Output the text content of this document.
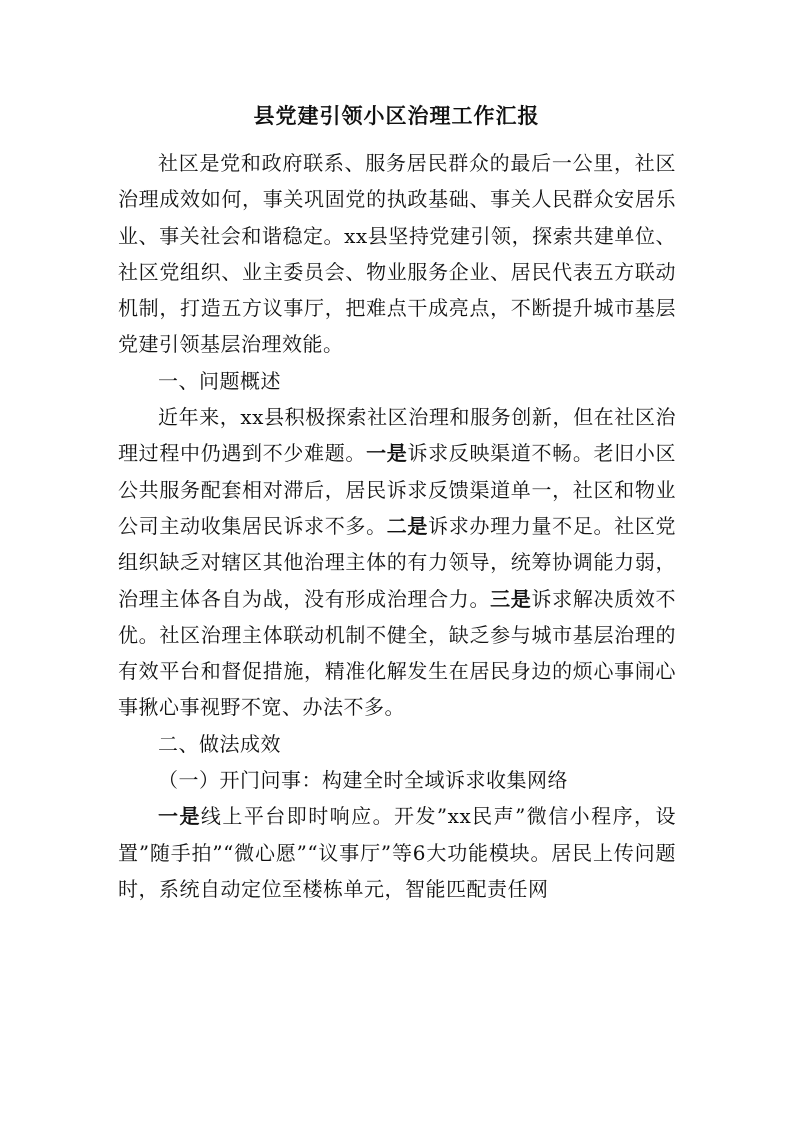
县党建引领小区治理工作汇报

社区是党和政府联系、服务居民群众的最后一公里，社区治理成效如何，事关巩固党的执政基础、事关人民群众安居乐业、事关社会和谐稳定。xx县坚持党建引领，探索共建单位、社区党组织、业主委员会、物业服务企业、居民代表五方联动机制，打造五方议事厅，把难点干成亮点，不断提升城市基层党建引领基层治理效能。

一、问题概述

近年来，xx县积极探索社区治理和服务创新，但在社区治理过程中仍遇到不少难题。一是诉求反映渠道不畅。老旧小区公共服务配套相对滞后，居民诉求反馈渠道单一，社区和物业公司主动收集居民诉求不多。二是诉求办理力量不足。社区党组织缺乏对辖区其他治理主体的有力领导，统筹协调能力弱，治理主体各自为战，没有形成治理合力。三是诉求解决质效不优。社区治理主体联动机制不健全，缺乏参与城市基层治理的有效平台和督促措施，精准化解发生在居民身边的烦心事闹心事揪心事视野不宽、办法不多。

二、做法成效

（一）开门问事：构建全时全域诉求收集网络

一是线上平台即时响应。开发”xx民声”微信小程序，设置”随手拍”“微心愿”“议事厅”等6大功能模块。居民上传问题时，系统自动定位至楼栋单元，智能匹配责任网
